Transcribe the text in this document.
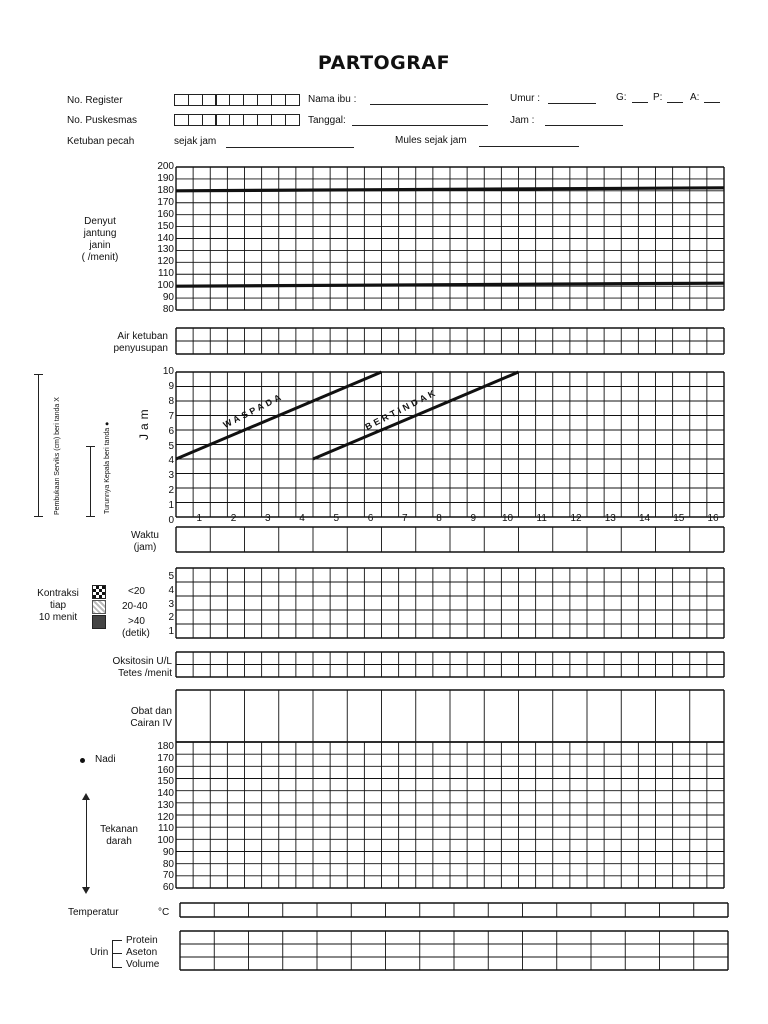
PARTOGRAF
No. Register
No. Puskesmas
Ketuban pecah	sejak jam
Nama ibu :
Tanggal:
Mules sejak jam
Umur :	G:	P:	A:
Jam :
Denyut
jantung
janin
( /menit)
Air ketuban
penyusupan
Pembukaan Serviks (cm) beri tanda X	Turunnya Kepala beri tanda ● Jam
Waktu
(jam)
Kontraksi
tiap
10 menit
<20
20-40
>40
(detik)
Oksitosin U/L
Tetes /menit
Obat dan
Cairan IV
Nadi
Tekanan
darah
Temperatur	°C
Urin
Protein
Aseton
Volume
WASPADA	BERTINDAK
200
190
180
170
160
150
140
130
120
110
100
90
80
10
9
8
7
6
5
4
3
2
1
0	1	2	3	4	5	6	7	8	9	10 11 12 13 14 15 16
5
4
3
2
1
180
170
160
150
140
130
120
110
100
90
80
70
60
